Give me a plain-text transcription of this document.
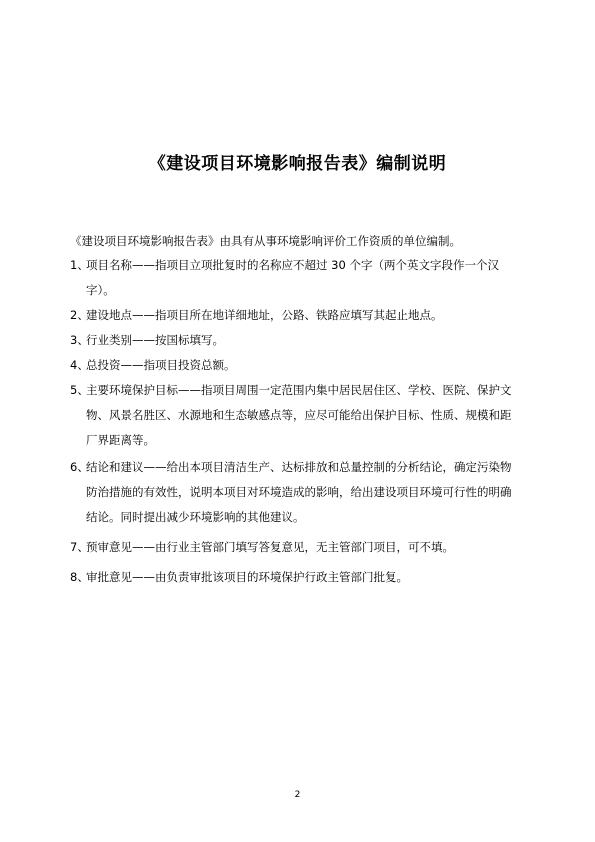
《建设项目环境影响报告表》编制说明
《建设项目环境影响报告表》由具有从事环境影响评价工作资质的单位编制。
1、
项目名称——指项目立项批复时的名称应不超过 30 个字（两个英文字段作一个汉字）。
2、
建设地点——指项目所在地详细地址，公路、铁路应填写其起止地点。
3、
行业类别——按国标填写。
4、
总投资——指项目投资总额。
5、
主要环境保护目标——指项目周围一定范围内集中居民居住区、学校、医院、保护文物、风景名胜区、水源地和生态敏感点等，应尽可能给出保护目标、性质、规模和距厂界距离等。
6、
结论和建议——给出本项目清洁生产、达标排放和总量控制的分析结论，确定污染物防治措施的有效性，说明本项目对环境造成的影响，给出建设项目环境可行性的明确结论。同时提出减少环境影响的其他建议。
7、
预审意见——由行业主管部门填写答复意见，无主管部门项目，可不填。
8、
审批意见——由负责审批该项目的环境保护行政主管部门批复。
2
